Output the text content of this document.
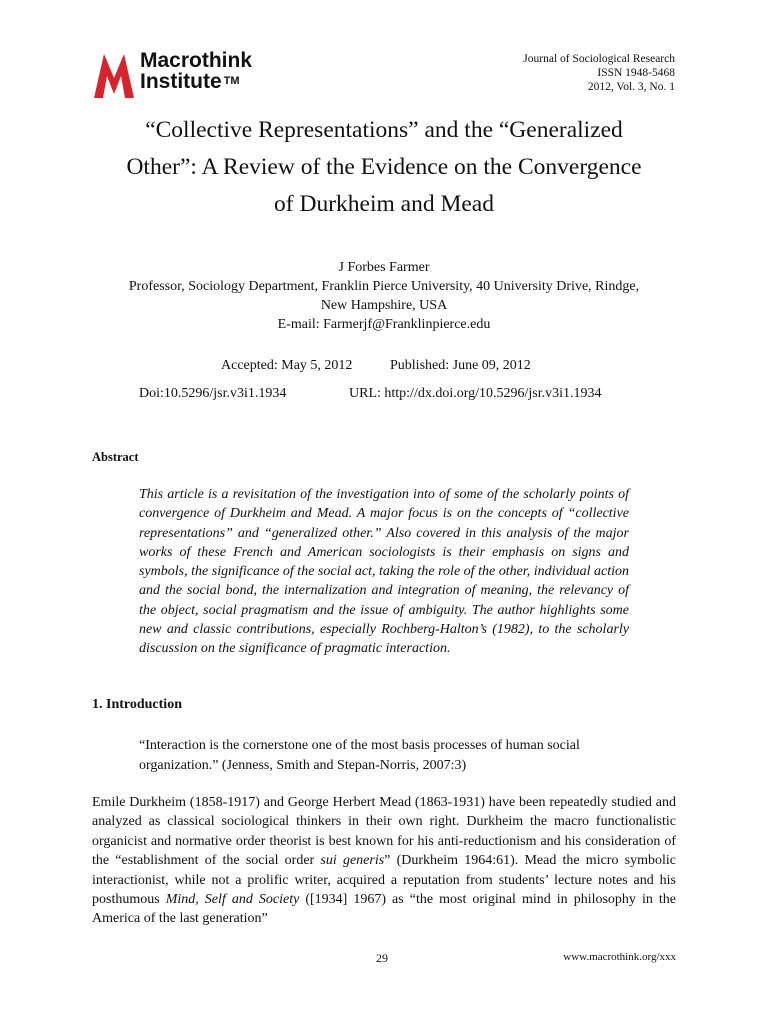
Macrothink
Institute ™
Journal of Sociological Research
ISSN 1948-5468
2012, Vol. 3, No. 1
“Collective Representations” and the “Generalized
Other”: A Review of the Evidence on the Convergence
of Durkheim and Mead
J Forbes Farmer
Professor, Sociology Department, Franklin Pierce University, 40 University Drive, Rindge,
New Hampshire, USA
E-mail: Farmerjf@Franklinpierce.edu
Accepted: May 5, 2012	Published: June 09, 2012
Doi:10.5296/jsr.v3i1.1934	URL: http://dx.doi.org/10.5296/jsr.v3i1.1934
Abstract
This article is a revisitation of the investigation into of some of the scholarly points of convergence of Durkheim and Mead. A major focus is on the concepts of “collective representations” and “generalized other.” Also covered in this analysis of the major works of these French and American sociologists is their emphasis on signs and symbols, the significance of the social act, taking the role of the other, individual action and the social bond, the internalization and integration of meaning, the relevancy of the object, social pragmatism and the issue of ambiguity. The author highlights some new and classic contributions, especially Rochberg-Halton’s (1982), to the scholarly discussion on the significance of pragmatic interaction.
1. Introduction
“Interaction is the cornerstone one of the most basis processes of human social organization.” (Jenness, Smith and Stepan-Norris, 2007:3)
Emile Durkheim (1858-1917) and George Herbert Mead (1863-1931) have been repeatedly studied and analyzed as classical sociological thinkers in their own right. Durkheim the macro functionalistic organicist and normative order theorist is best known for his anti-reductionism and his consideration of the “establishment of the social order sui generis” (Durkheim 1964:61). Mead the micro symbolic interactionist, while not a prolific writer, acquired a reputation from students’ lecture notes and his posthumous Mind, Self and Society ([1934] 1967) as “the most original mind in philosophy in the America of the last generation”
29	www.macrothink.org/xxx
